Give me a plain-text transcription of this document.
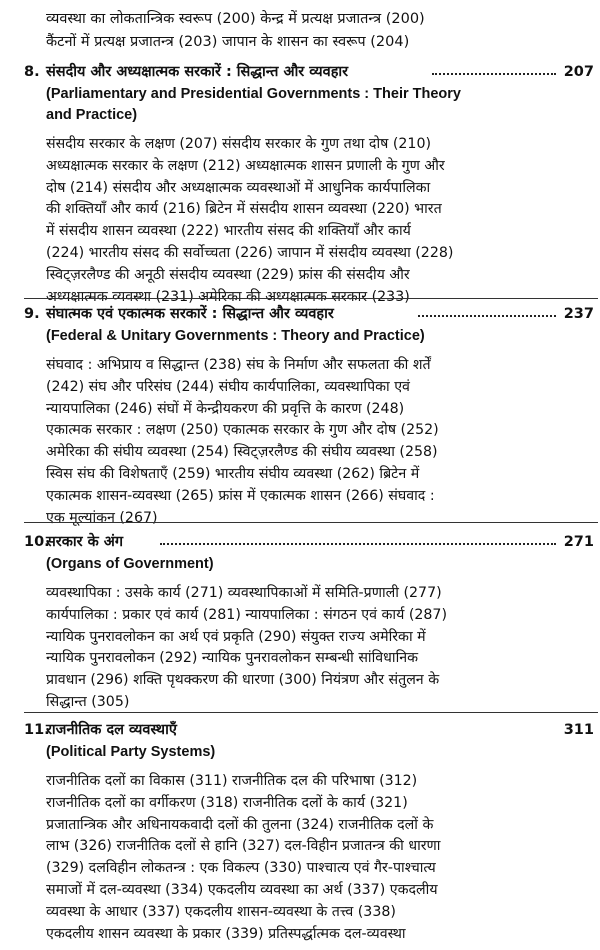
व्यवस्था का लोकतान्त्रिक स्वरूप (200) केन्द्र में प्रत्यक्ष प्रजातन्त्र (200)
कैंटनों में प्रत्यक्ष प्रजातन्त्र (203) जापान के शासन का स्वरूप (204)
8. संसदीय और अध्यक्षात्मक सरकारें : सिद्धान्त और व्यवहार	207
(Parliamentary and Presidential Governments : Their Theory
and Practice)
संसदीय सरकार के लक्षण (207) संसदीय सरकार के गुण तथा दोष (210)
अध्यक्षात्मक सरकार के लक्षण (212) अध्यक्षात्मक शासन प्रणाली के गुण और
दोष (214) संसदीय और अध्यक्षात्मक व्यवस्थाओं में आधुनिक कार्यपालिका
की शक्तियाँ और कार्य (216) ब्रिटेन में संसदीय शासन व्यवस्था (220) भारत
में संसदीय शासन व्यवस्था (222) भारतीय संसद की शक्तियाँ और कार्य
(224) भारतीय संसद की सर्वोच्चता (226) जापान में संसदीय व्यवस्था (228)
स्विट्ज़रलैण्ड की अनूठी संसदीय व्यवस्था (229) फ्रांस की संसदीय और
अध्यक्षात्मक व्यवस्था (231) अमेरिका की अध्यक्षात्मक सरकार (233)
9. संघात्मक एवं एकात्मक सरकारें : सिद्धान्त और व्यवहार	237
(Federal & Unitary Governments : Theory and Practice)
संघवाद : अभिप्राय व सिद्धान्त (238) संघ के निर्माण और सफलता की शर्तें
(242) संघ और परिसंघ (244) संघीय कार्यपालिका, व्यवस्थापिका एवं
न्यायपालिका (246) संघों में केन्द्रीयकरण की प्रवृत्ति के कारण (248)
एकात्मक सरकार : लक्षण (250) एकात्मक सरकार के गुण और दोष (252)
अमेरिका की संघीय व्यवस्था (254) स्विट्ज़रलैण्ड की संघीय व्यवस्था (258)
स्विस संघ की विशेषताएँ (259) भारतीय संघीय व्यवस्था (262) ब्रिटेन में
एकात्मक शासन-व्यवस्था (265) फ्रांस में एकात्मक शासन (266) संघवाद :
एक मूल्यांकन (267)
10.
सरकार के अंग	271
(Organs of Government)
व्यवस्थापिका : उसके कार्य (271) व्यवस्थापिकाओं में समिति-प्रणाली (277)
कार्यपालिका : प्रकार एवं कार्य (281) न्यायपालिका : संगठन एवं कार्य (287)
न्यायिक पुनरावलोकन का अर्थ एवं प्रकृति (290) संयुक्त राज्य अमेरिका में
न्यायिक पुनरावलोकन (292) न्यायिक पुनरावलोकन सम्बन्धी सांविधानिक
प्रावधान (296) शक्ति पृथक्करण की धारणा (300) नियंत्रण और संतुलन के
सिद्धान्त (305)
11.
राजनीतिक दल व्यवस्थाएँ	311
(Political Party Systems)
राजनीतिक दलों का विकास (311) राजनीतिक दल की परिभाषा (312)
राजनीतिक दलों का वर्गीकरण (318) राजनीतिक दलों के कार्य (321)
प्रजातान्त्रिक और अधिनायकवादी दलों की तुलना (324) राजनीतिक दलों के
लाभ (326) राजनीतिक दलों से हानि (327) दल-विहीन प्रजातन्त्र की धारणा
(329) दलविहीन लोकतन्त्र : एक विकल्प (330) पाश्चात्य एवं गैर-पाश्चात्य
समाजों में दल-व्यवस्था (334) एकदलीय व्यवस्था का अर्थ (337) एकदलीय
व्यवस्था के आधार (337) एकदलीय शासन-व्यवस्था के तत्त्व (338)
एकदलीय शासन व्यवस्था के प्रकार (339) प्रतिस्पर्द्धात्मक दल-व्यवस्था
